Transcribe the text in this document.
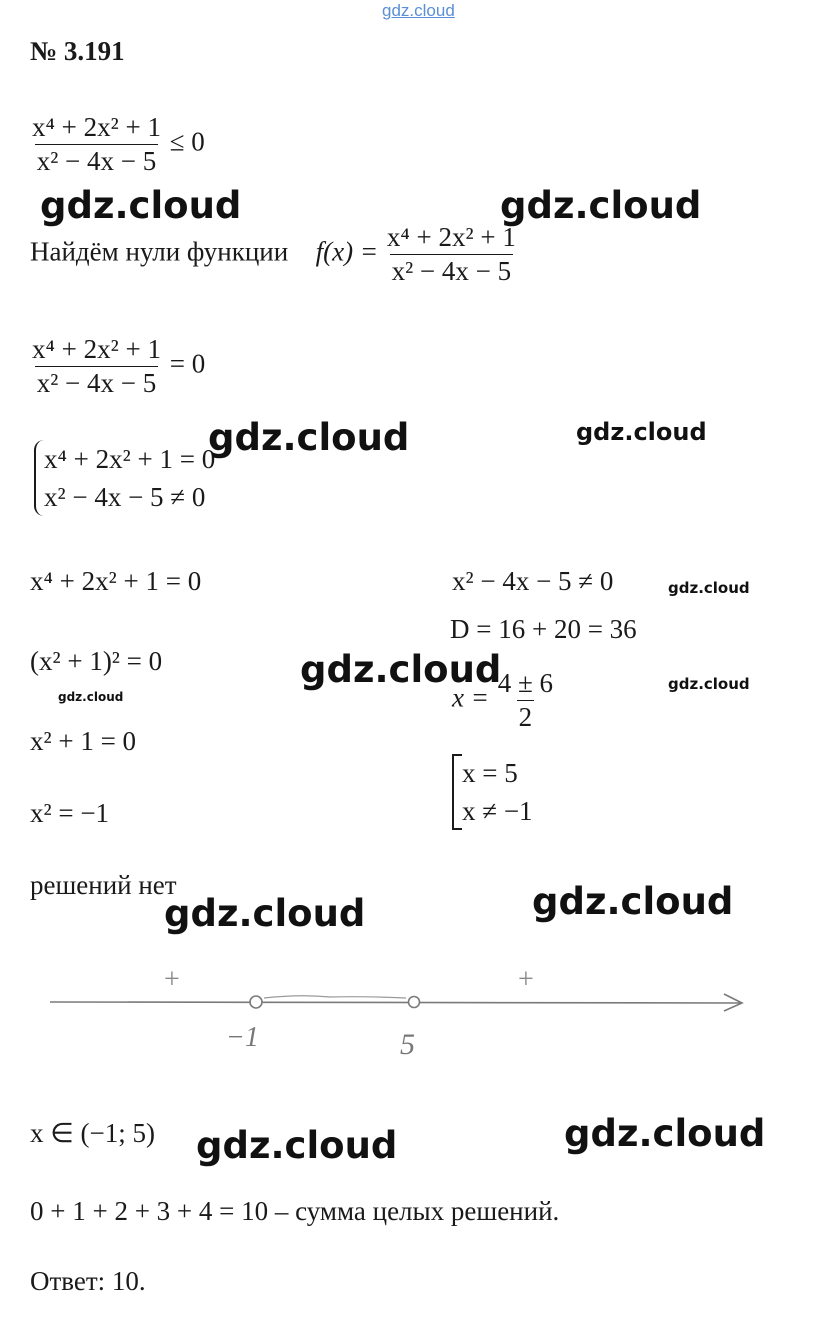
gdz.cloud
№ 3.191
$\frac{\text{x⁴ + 2x² + 1}}{\text{x² − 4x − 5}} \le 0$
Найдём нули функции $f(x) = \frac{\text{x⁴ + 2x² + 1}}{\text{x² − 4x − 5}}$
$\frac{\text{x⁴ + 2x² + 1}}{\text{x² − 4x − 5}} = 0$
x⁴ + 2x² + 1 = 0
x² − 4x − 5 ≠ 0
x⁴ + 2x² + 1 = 0
(x² + 1)² = 0
x² + 1 = 0
x² = −1
решений нет
x² − 4x − 5 ≠ 0
D = 16 + 20 = 36
$x = \frac{4 \pm 6}{2}$
x = 5
x ≠ −1
+	+
−1	5
x ∈ (−1; 5)
0 + 1 + 2 + 3 + 4 = 10 – сумма целых решений.
Ответ: 10.
gdz.cloud	gdz.cloud
gdz.cloud	gdz.cloud
gdz.cloud
gdz.cloud	gdz.cloud
gdz.cloud
gdz.cloud
gdz.cloud
gdz.cloud
gdz.cloud
